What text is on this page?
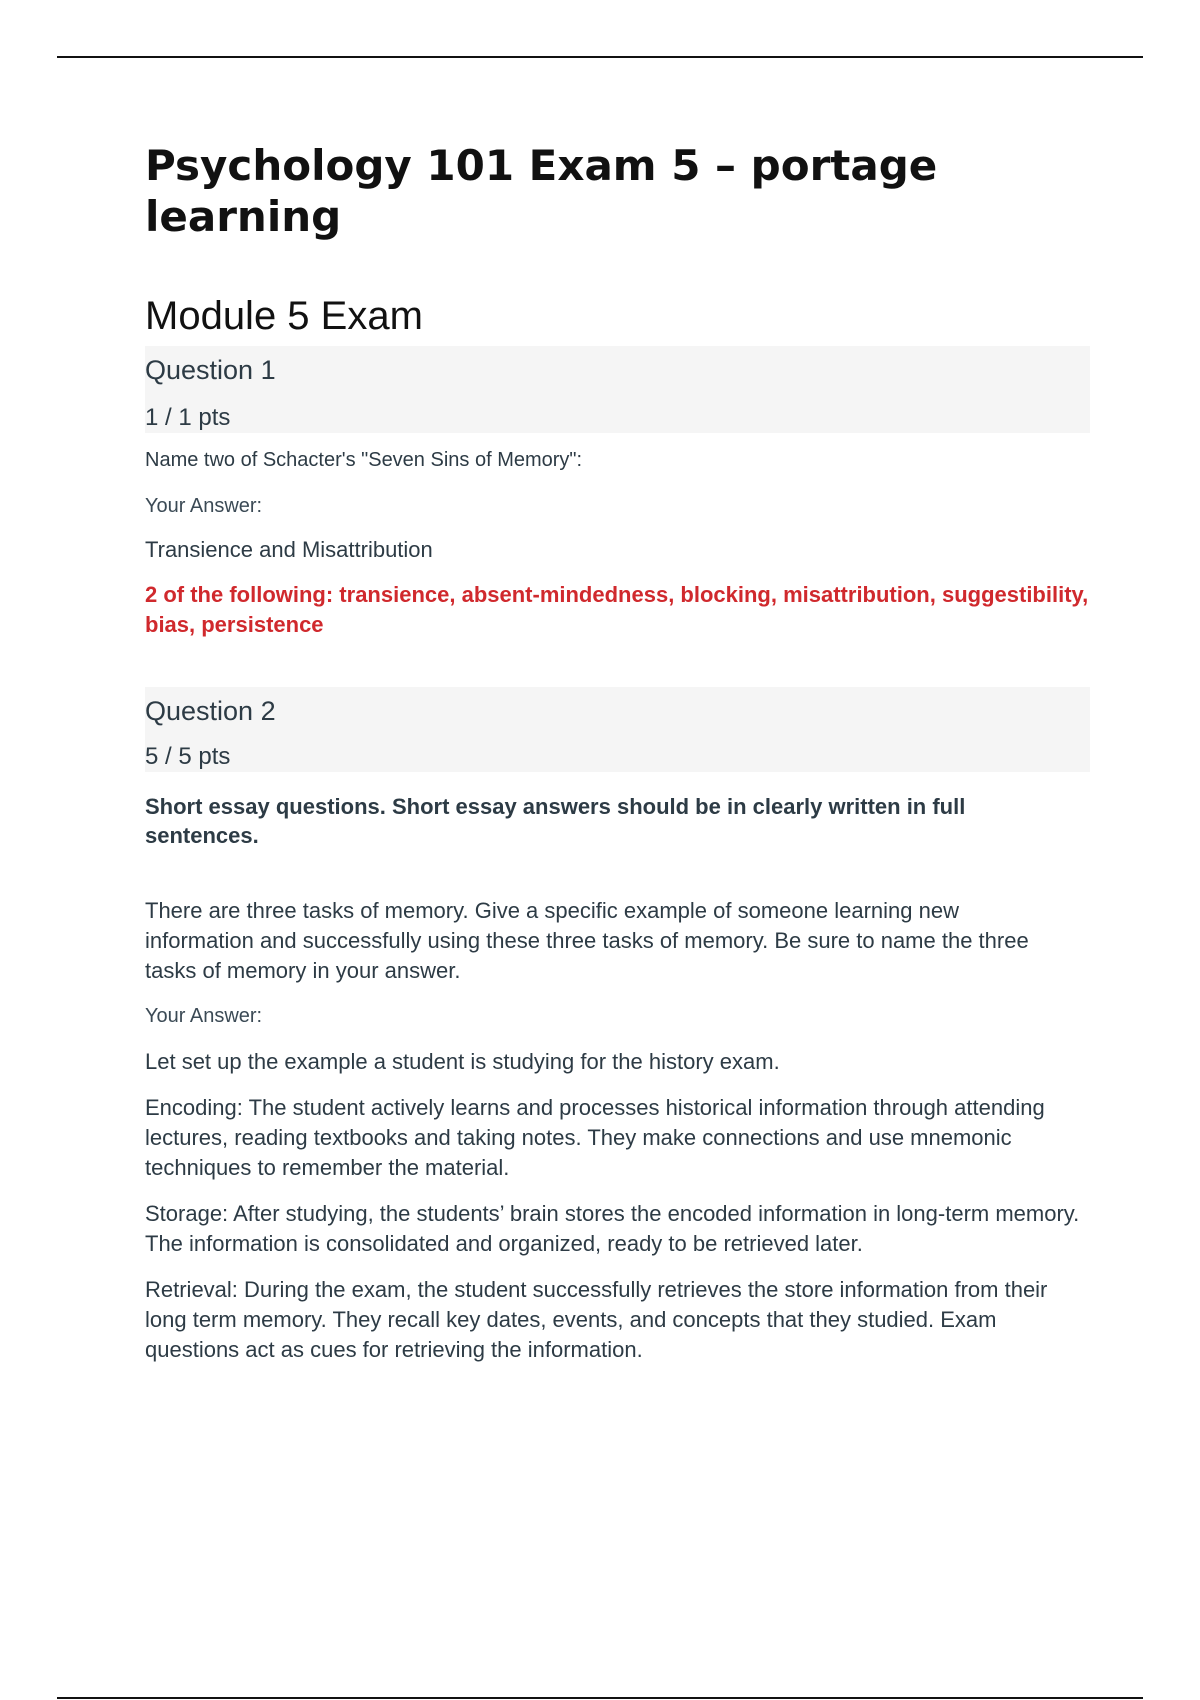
Psychology 101 Exam 5 – portage learning
Module 5 Exam
Question 1
1 / 1 pts
Name two of Schacter's "Seven Sins of Memory":
Your Answer:
Transience and Misattribution
2 of the following: transience, absent-mindedness, blocking, misattribution, suggestibility, bias, persistence
Question 2
5 / 5 pts
Short essay questions. Short essay answers should be in clearly written in full sentences.
There are three tasks of memory. Give a specific example of someone learning new information and successfully using these three tasks of memory. Be sure to name the three tasks of memory in your answer.
Your Answer:
Let set up the example a student is studying for the history exam.
Encoding: The student actively learns and processes historical information through attending lectures, reading textbooks and taking notes. They make connections and use mnemonic techniques to remember the material.
Storage: After studying, the students’ brain stores the encoded information in long-term memory. The information is consolidated and organized, ready to be retrieved later.
Retrieval: During the exam, the student successfully retrieves the store information from their long term memory. They recall key dates, events, and concepts that they studied. Exam questions act as cues for retrieving the information.
